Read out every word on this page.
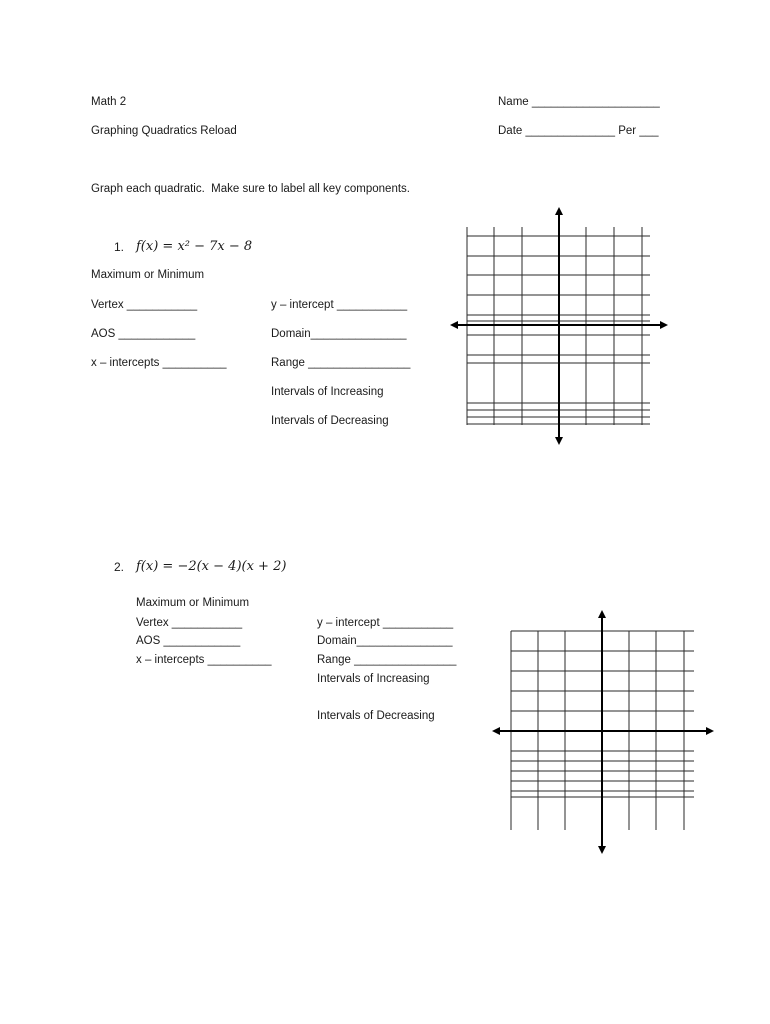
Math 2
Graphing Quadratics Reload
Name ____________________
Date ______________ Per ___
Graph each quadratic.  Make sure to label all key components.
1. f(x) = x² − 7x − 8
Maximum or Minimum
Vertex ___________
AOS ____________
x – intercepts __________
y – intercept ___________
Domain_______________
Range ________________
Intervals of Increasing
Intervals of Decreasing
2. f(x) = −2(x − 4)(x + 2)
Maximum or Minimum
Vertex ___________
AOS ____________
x – intercepts __________
y – intercept ___________
Domain_______________
Range ________________
Intervals of Increasing
Intervals of Decreasing
